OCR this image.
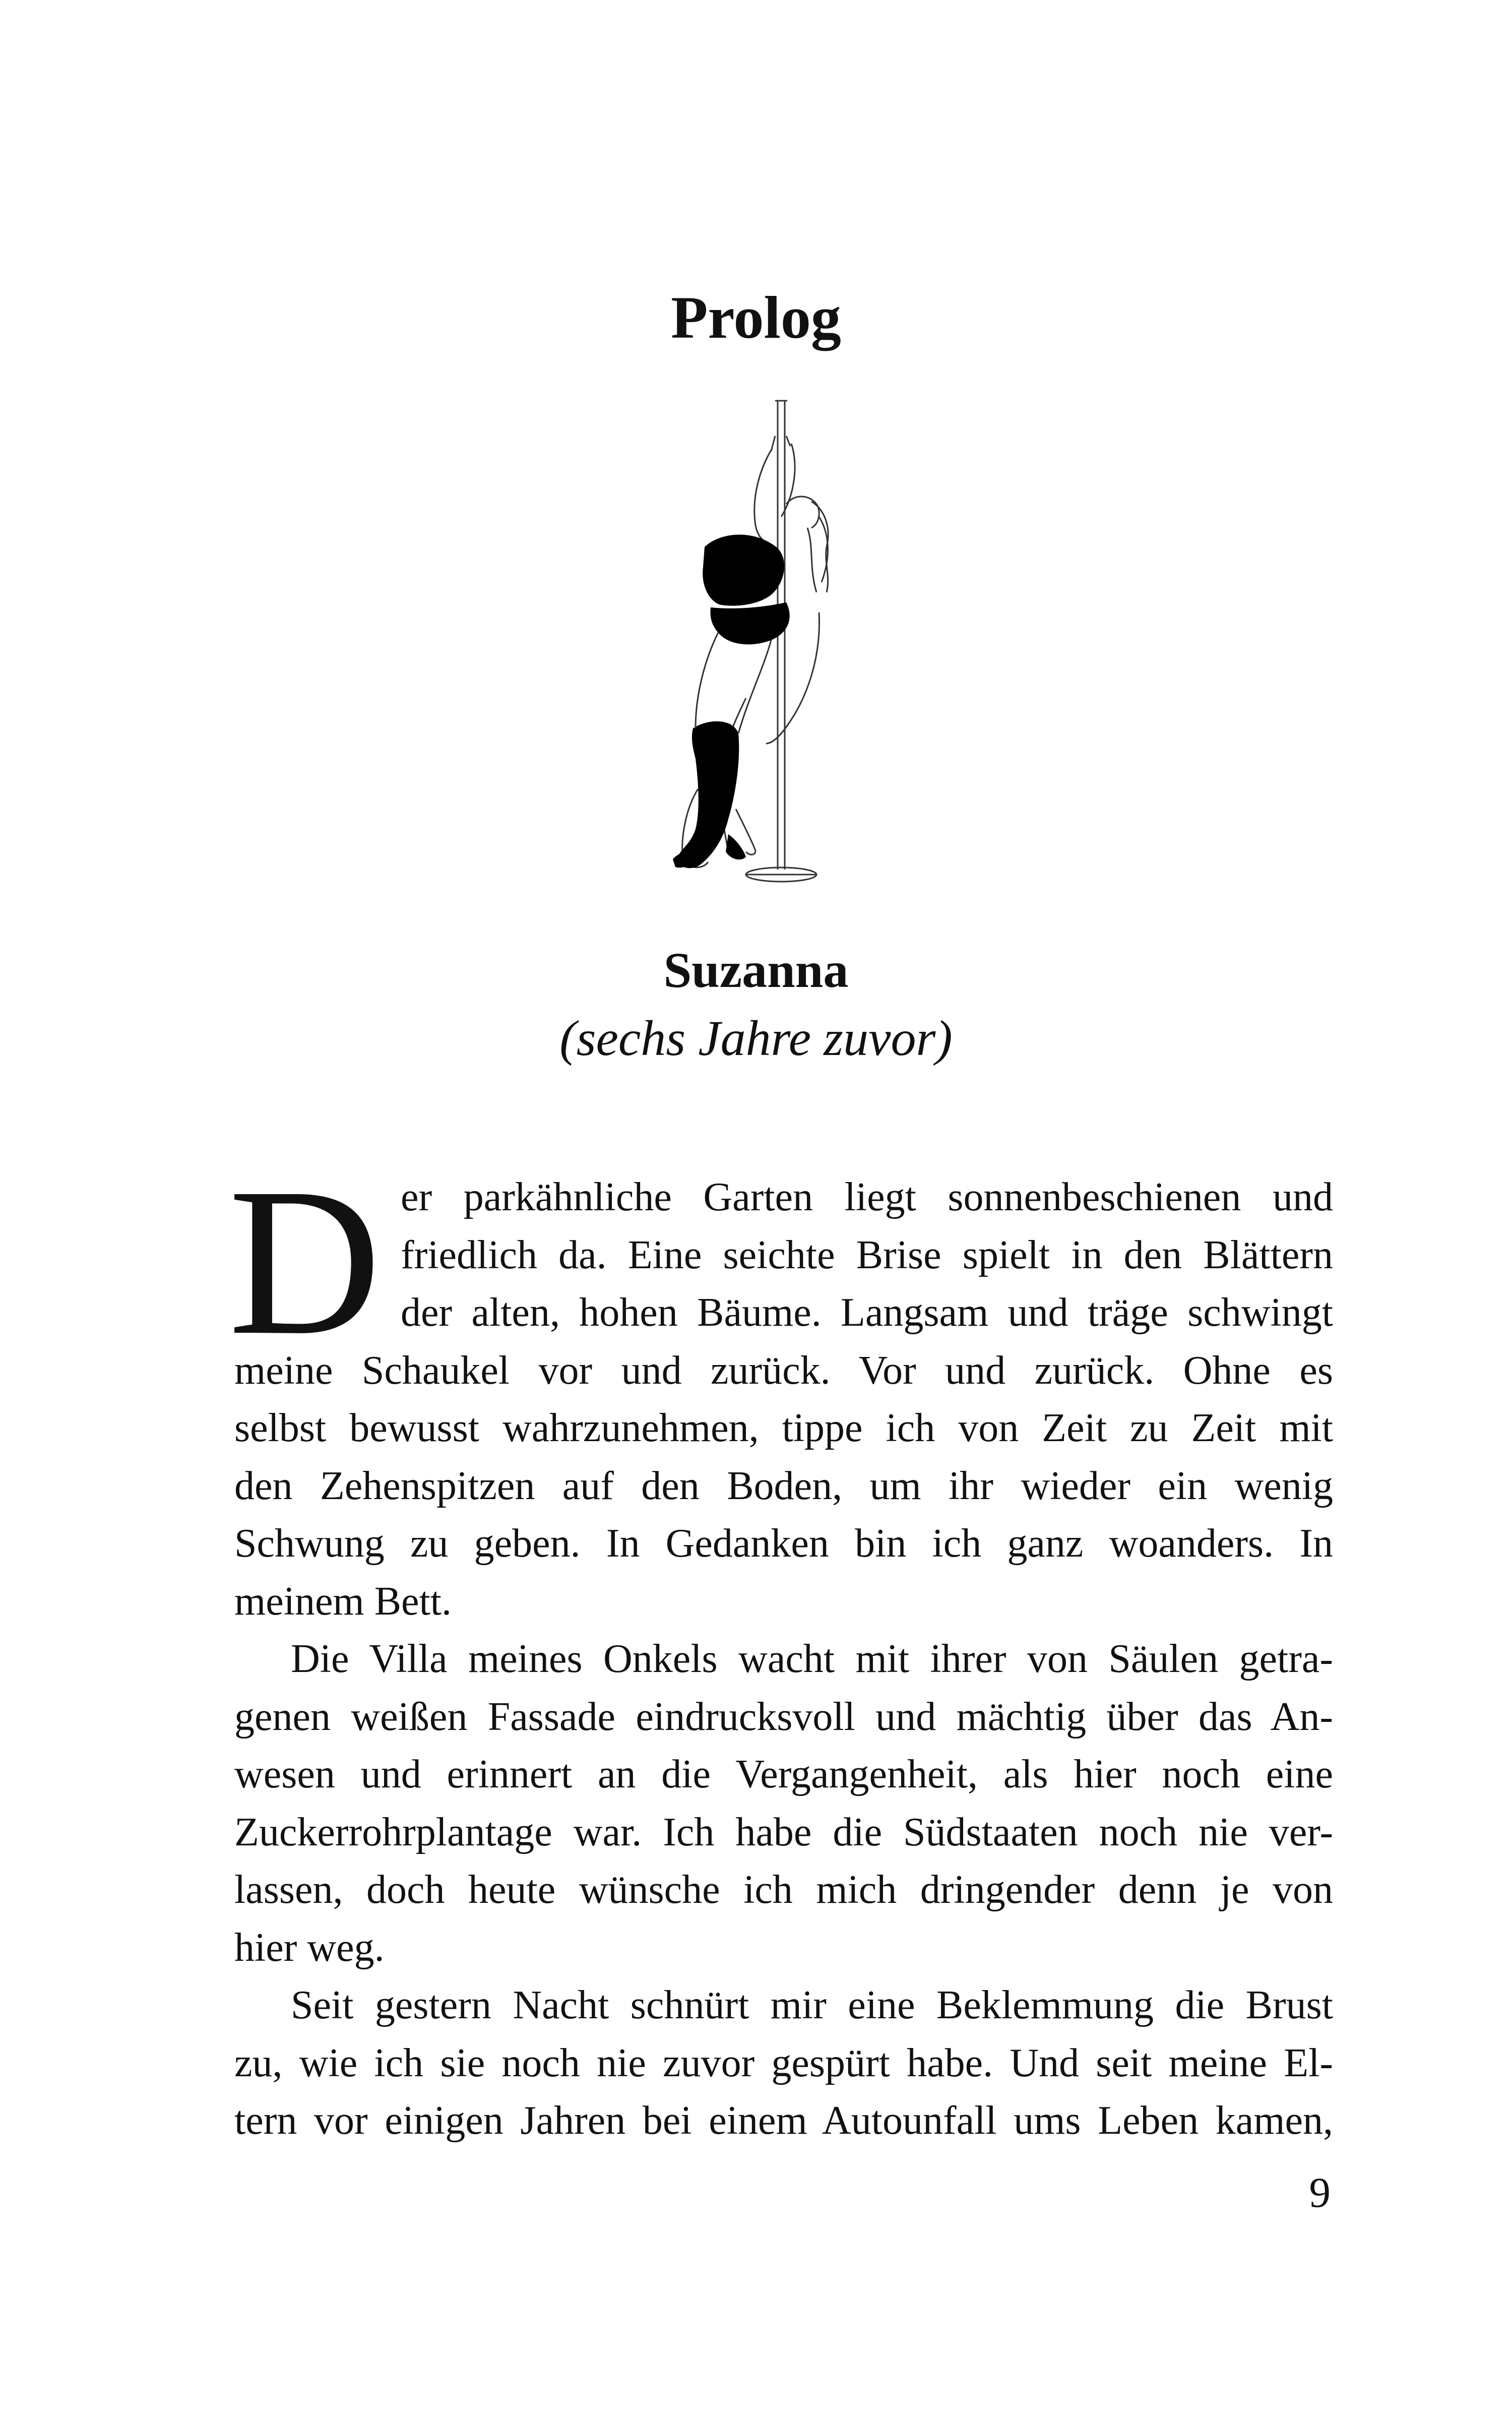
Prolog
Suzanna
(sechs Jahre zuvor)
D er parkähnliche Garten liegt sonnenbeschienen und
friedlich da. Eine seichte Brise spielt in den Blättern
der alten, hohen Bäume. Langsam und träge schwingt
meine Schaukel vor und zurück. Vor und zurück. Ohne es
selbst bewusst wahrzunehmen, tippe ich von Zeit zu Zeit mit
den Zehenspitzen auf den Boden, um ihr wieder ein wenig
Schwung zu geben. In Gedanken bin ich ganz woanders. In
meinem Bett.
Die Villa meines Onkels wacht mit ihrer von Säulen getra-
genen weißen Fassade eindrucksvoll und mächtig über das An-
wesen und erinnert an die Vergangenheit, als hier noch eine
Zuckerrohrplantage war. Ich habe die Südstaaten noch nie ver-
lassen, doch heute wünsche ich mich dringender denn je von
hier weg.
Seit gestern Nacht schnürt mir eine Beklemmung die Brust
zu, wie ich sie noch nie zuvor gespürt habe. Und seit meine El-
tern vor einigen Jahren bei einem Autounfall ums Leben kamen,
9
